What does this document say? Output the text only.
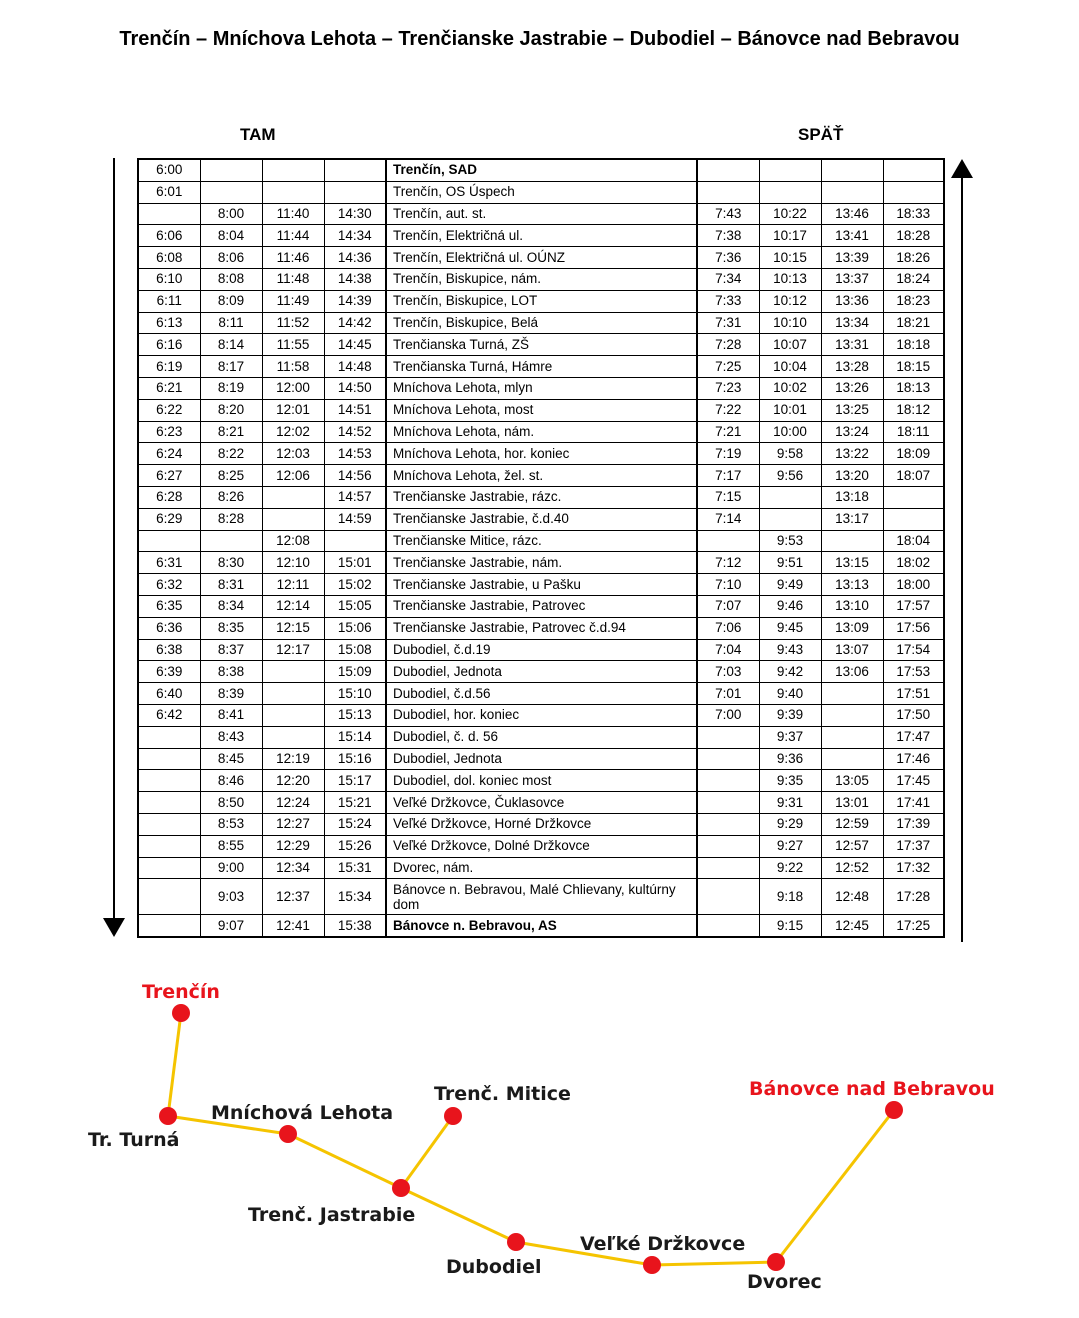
Trenčín – Mníchova Lehota – Trenčianske Jastrabie – Dubodiel – Bánovce nad Bebravou
TAM	SPÄŤ
6:00				Trenčín, SAD				
6:01				Trenčín, OS Úspech				
	8:00	11:40	14:30	Trenčín, aut. st.	7:43	10:22	13:46	18:33
6:06	8:04	11:44	14:34	Trenčín, Električná ul.	7:38	10:17	13:41	18:28
6:08	8:06	11:46	14:36	Trenčín, Električná ul. OÚNZ	7:36	10:15	13:39	18:26
6:10	8:08	11:48	14:38	Trenčín, Biskupice, nám.	7:34	10:13	13:37	18:24
6:11	8:09	11:49	14:39	Trenčín, Biskupice, LOT	7:33	10:12	13:36	18:23
6:13	8:11	11:52	14:42	Trenčín, Biskupice, Belá	7:31	10:10	13:34	18:21
6:16	8:14	11:55	14:45	Trenčianska Turná, ZŠ	7:28	10:07	13:31	18:18
6:19	8:17	11:58	14:48	Trenčianska Turná, Hámre	7:25	10:04	13:28	18:15
6:21	8:19	12:00	14:50	Mníchova Lehota, mlyn	7:23	10:02	13:26	18:13
6:22	8:20	12:01	14:51	Mníchova Lehota, most	7:22	10:01	13:25	18:12
6:23	8:21	12:02	14:52	Mníchova Lehota, nám.	7:21	10:00	13:24	18:11
6:24	8:22	12:03	14:53	Mníchova Lehota, hor. koniec	7:19	9:58	13:22	18:09
6:27	8:25	12:06	14:56	Mníchova Lehota, žel. st.	7:17	9:56	13:20	18:07
6:28	8:26		14:57	Trenčianske Jastrabie, rázc.	7:15		13:18	
6:29	8:28		14:59	Trenčianske Jastrabie, č.d.40	7:14		13:17	
		12:08		Trenčianske Mitice, rázc.		9:53		18:04
6:31	8:30	12:10	15:01	Trenčianske Jastrabie, nám.	7:12	9:51	13:15	18:02
6:32	8:31	12:11	15:02	Trenčianske Jastrabie, u Pašku	7:10	9:49	13:13	18:00
6:35	8:34	12:14	15:05	Trenčianske Jastrabie, Patrovec	7:07	9:46	13:10	17:57
6:36	8:35	12:15	15:06	Trenčianske Jastrabie, Patrovec č.d.94	7:06	9:45	13:09	17:56
6:38	8:37	12:17	15:08	Dubodiel, č.d.19	7:04	9:43	13:07	17:54
6:39	8:38		15:09	Dubodiel, Jednota	7:03	9:42	13:06	17:53
6:40	8:39		15:10	Dubodiel, č.d.56	7:01	9:40		17:51
6:42	8:41		15:13	Dubodiel, hor. koniec	7:00	9:39		17:50
	8:43		15:14	Dubodiel, č. d. 56		9:37		17:47
	8:45	12:19	15:16	Dubodiel, Jednota		9:36		17:46
	8:46	12:20	15:17	Dubodiel, dol. koniec most		9:35	13:05	17:45
	8:50	12:24	15:21	Veľké Držkovce, Čuklasovce		9:31	13:01	17:41
	8:53	12:27	15:24	Veľké Držkovce, Horné Držkovce		9:29	12:59	17:39
	8:55	12:29	15:26	Veľké Držkovce, Dolné Držkovce		9:27	12:57	17:37
	9:00	12:34	15:31	Dvorec, nám.		9:22	12:52	17:32
	9:03	12:37	15:34	Bánovce n. Bebravou, Malé Chlievany, kultúrny dom		9:18	12:48	17:28
	9:07	12:41	15:38	Bánovce n. Bebravou, AS		9:15	12:45	17:25
Trenčín
Tr. Turná
Mníchová Lehota
Trenč. Mitice
Trenč. Jastrabie
Dubodiel
Veľké Držkovce
Dvorec
Bánovce nad Bebravou
